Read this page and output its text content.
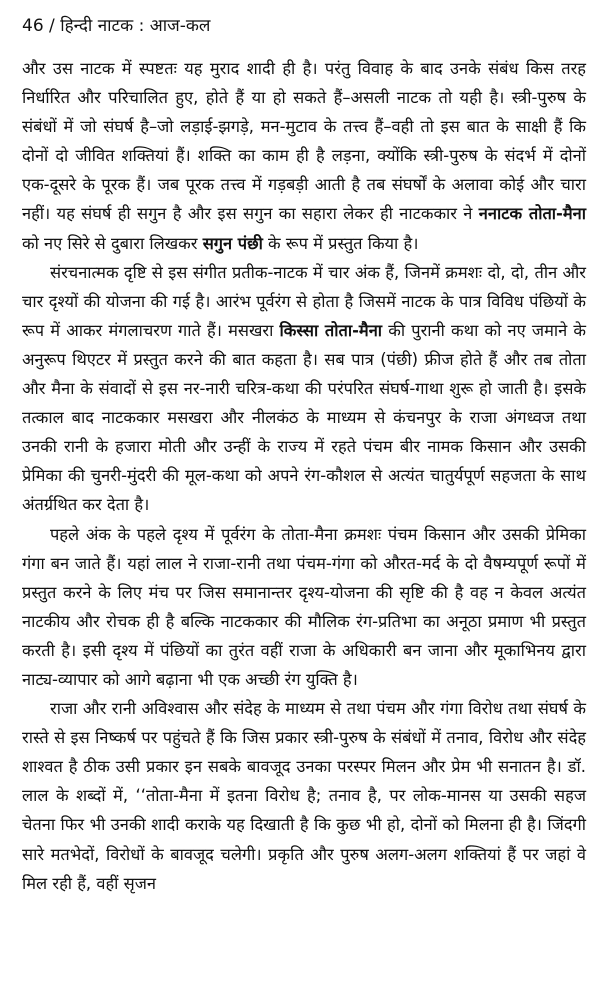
46 / हिन्दी नाटक : आज-कल

और उस नाटक में स्पष्टतः यह मुराद शादी ही है। परंतु विवाह के बाद उनके संबंध किस तरह निर्धारित और परिचालित हुए, होते हैं या हो सकते हैं–असली नाटक तो यही है। स्त्री-पुरुष के संबंधों में जो संघर्ष है–जो लड़ाई-झगड़े, मन-मुटाव के तत्त्व हैं–वही तो इस बात के साक्षी हैं कि दोनों दो जीवित शक्तियां हैं। शक्ति का काम ही है लड़ना, क्योंकि स्त्री-पुरुष के संदर्भ में दोनों एक-दूसरे के पूरक हैं। जब पूरक तत्त्व में गड़बड़ी आती है तब संघर्षों के अलावा कोई और चारा नहीं। यह संघर्ष ही सगुन है और इस सगुन का सहारा लेकर ही नाटककार ने ननाटक तोता-मैना को नए सिरे से दुबारा लिखकर सगुन पंछी के रूप में प्रस्तुत किया है।

संरचनात्मक दृष्टि से इस संगीत प्रतीक-नाटक में चार अंक हैं, जिनमें क्रमशः दो, दो, तीन और चार दृश्यों की योजना की गई है। आरंभ पूर्वरंग से होता है जिसमें नाटक के पात्र विविध पंछियों के रूप में आकर मंगलाचरण गाते हैं। मसखरा किस्सा तोता-मैना की पुरानी कथा को नए जमाने के अनुरूप थिएटर में प्रस्तुत करने की बात कहता है। सब पात्र (पंछी) फ्रीज होते हैं और तब तोता और मैना के संवादों से इस नर-नारी चरित्र-कथा की परंपरित संघर्ष-गाथा शुरू हो जाती है। इसके तत्काल बाद नाटककार मसखरा और नीलकंठ के माध्यम से कंचनपुर के राजा अंगध्वज तथा उनकी रानी के हजारा मोती और उन्हीं के राज्य में रहते पंचम बीर नामक किसान और उसकी प्रेमिका की चुनरी-मुंदरी की मूल-कथा को अपने रंग-कौशल से अत्यंत चातुर्यपूर्ण सहजता के साथ अंतर्ग्रथित कर देता है।

पहले अंक के पहले दृश्य में पूर्वरंग के तोता-मैना क्रमशः पंचम किसान और उसकी प्रेमिका गंगा बन जाते हैं। यहां लाल ने राजा-रानी तथा पंचम-गंगा को औरत-मर्द के दो वैषम्यपूर्ण रूपों में प्रस्तुत करने के लिए मंच पर जिस समानान्तर दृश्य-योजना की सृष्टि की है वह न केवल अत्यंत नाटकीय और रोचक ही है बल्कि नाटककार की मौलिक रंग-प्रतिभा का अनूठा प्रमाण भी प्रस्तुत करती है। इसी दृश्य में पंछियों का तुरंत वहीं राजा के अधिकारी बन जाना और मूकाभिनय द्वारा नाट्य-व्यापार को आगे बढ़ाना भी एक अच्छी रंग युक्ति है।

राजा और रानी अविश्वास और संदेह के माध्यम से तथा पंचम और गंगा विरोध तथा संघर्ष के रास्ते से इस निष्कर्ष पर पहुंचते हैं कि जिस प्रकार स्त्री-पुरुष के संबंधों में तनाव, विरोध और संदेह शाश्वत है ठीक उसी प्रकार इन सबके बावजूद उनका परस्पर मिलन और प्रेम भी सनातन है। डॉ. लाल के शब्दों में, ‘‘तोता-मैना में इतना विरोध है; तनाव है, पर लोक-मानस या उसकी सहज चेतना फिर भी उनकी शादी कराके यह दिखाती है कि कुछ भी हो, दोनों को मिलना ही है। जिंदगी सारे मतभेदों, विरोधों के बावजूद चलेगी। प्रकृति और पुरुष अलग-अलग शक्तियां हैं पर जहां वे मिल रही हैं, वहीं सृजन
